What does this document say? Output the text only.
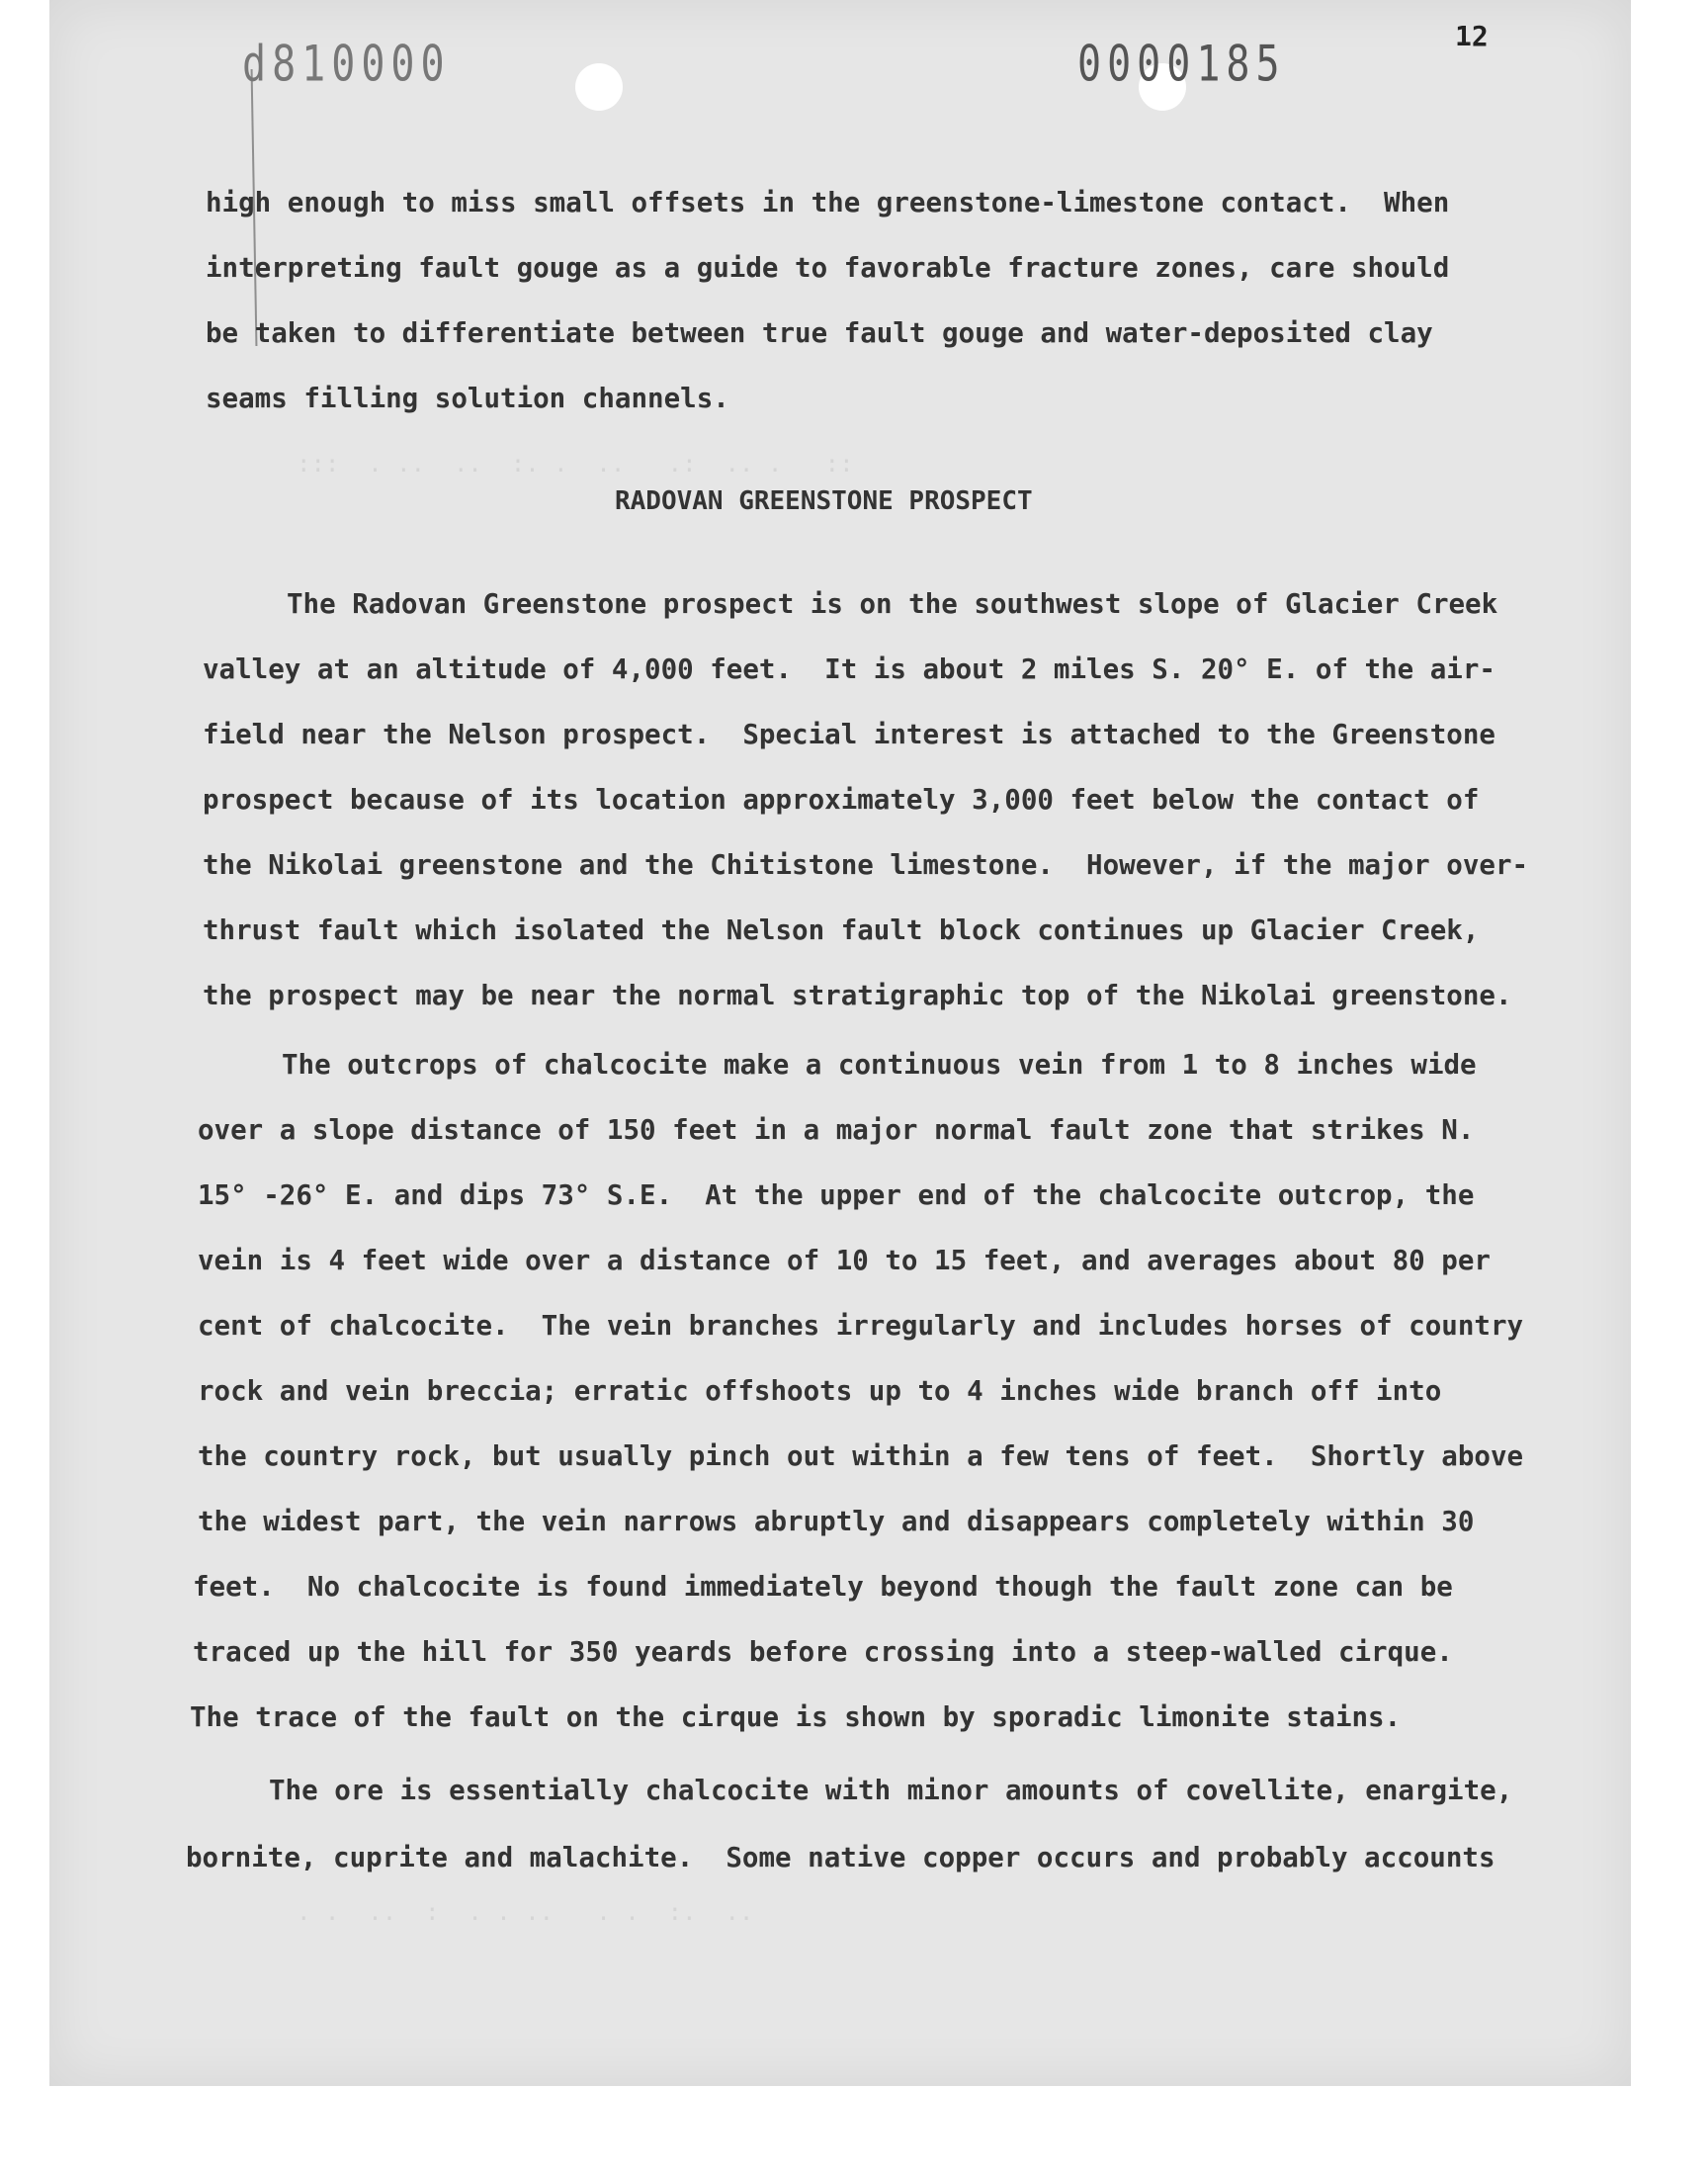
d810000	0000185	12
:::  . ..  ..  :. .  ..   .:  .. .   ::
. .  ..  :  . . ..   . .  :.  ..
high enough to miss small offsets in the greenstone-limestone contact.  When
interpreting fault gouge as a guide to favorable fracture zones, care should
be taken to differentiate between true fault gouge and water-deposited clay
seams filling solution channels.
RADOVAN GREENSTONE PROSPECT
The Radovan Greenstone prospect is on the southwest slope of Glacier Creek
valley at an altitude of 4,000 feet.  It is about 2 miles S. 20° E. of the air-
field near the Nelson prospect.  Special interest is attached to the Greenstone
prospect because of its location approximately 3,000 feet below the contact of
the Nikolai greenstone and the Chitistone limestone.  However, if the major over-
thrust fault which isolated the Nelson fault block continues up Glacier Creek,
the prospect may be near the normal stratigraphic top of the Nikolai greenstone.
The outcrops of chalcocite make a continuous vein from 1 to 8 inches wide
over a slope distance of 150 feet in a major normal fault zone that strikes N.
15° -26° E. and dips 73° S.E.  At the upper end of the chalcocite outcrop, the
vein is 4 feet wide over a distance of 10 to 15 feet, and averages about 80 per
cent of chalcocite.  The vein branches irregularly and includes horses of country
rock and vein breccia; erratic offshoots up to 4 inches wide branch off into
the country rock, but usually pinch out within a few tens of feet.  Shortly above
the widest part, the vein narrows abruptly and disappears completely within 30
feet.  No chalcocite is found immediately beyond though the fault zone can be
traced up the hill for 350 yeards before crossing into a steep-walled cirque.
The trace of the fault on the cirque is shown by sporadic limonite stains.
The ore is essentially chalcocite with minor amounts of covellite, enargite,
bornite, cuprite and malachite.  Some native copper occurs and probably accounts
